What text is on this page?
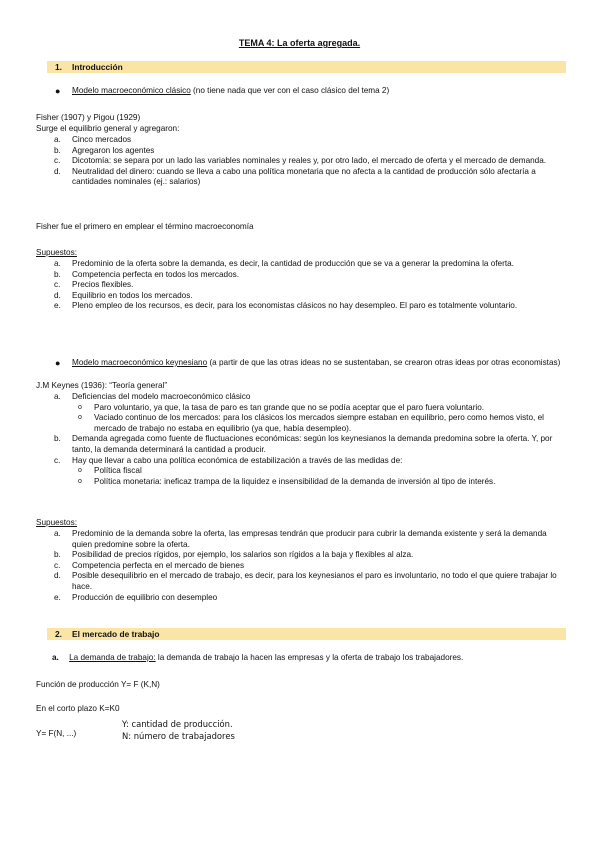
TEMA 4: La oferta agregada.
1. Introducción
● Modelo macroeconómico clásico (no tiene nada que ver con el caso clásico del tema 2)
Fisher (1907) y Pigou (1929)
Surge el equilibrio general y agregaron:
a. Cinco mercados
b. Agregaron los agentes
c. Dicotomía: se separa por un lado las variables nominales y reales y, por otro lado, el mercado de oferta y el mercado de demanda.
d. Neutralidad del dinero: cuando se lleva a cabo una política monetaria que no afecta a la cantidad de producción sólo afectaría a cantidades nominales (ej.: salarios)
Fisher fue el primero en emplear el término macroeconomía
Supuestos:
a. Predominio de la oferta sobre la demanda, es decir, la cantidad de producción que se va a generar la predomina la oferta.
b. Competencia perfecta en todos los mercados.
c. Precios flexibles.
d. Equilibrio en todos los mercados.
e. Pleno empleo de los recursos, es decir, para los economistas clásicos no hay desempleo. El paro es totalmente voluntario.
●	Modelo macroeconómico keynesiano (a partir de que las otras ideas no se sustentaban, se crearon otras ideas por otras economistas)
J.M Keynes (1936): “Teoría general”
a. Deficiencias del modelo macroeconómico clásico
o Paro voluntario, ya que, la tasa de paro es tan grande que no se podía aceptar que el paro fuera voluntario.
o Vaciado continuo de los mercados: para los clásicos los mercados siempre estaban en equilibrio, pero como hemos visto, el mercado de trabajo no estaba en equilibrio (ya que, había desempleo).
b. Demanda agregada como fuente de fluctuaciones económicas: según los keynesianos la demanda predomina sobre la oferta. Y, por tanto, la demanda determinará la cantidad a producir.
c. Hay que llevar a cabo una política económica de estabilización a través de las medidas de:
o Política fiscal
o Política monetaria: ineficaz trampa de la liquidez e insensibilidad de la demanda de inversión al tipo de interés.
Supuestos:
a. Predominio de la demanda sobre la oferta, las empresas tendrán que producir para cubrir la demanda existente y será la demanda quien predomine sobre la oferta.
b. Posibilidad de precios rígidos, por ejemplo, los salarios son rígidos a la baja y flexibles al alza.
c. Competencia perfecta en el mercado de bienes
d. Posible desequilibrio en el mercado de trabajo, es decir, para los keynesianos el paro es involuntario, no todo el que quiere trabajar lo hace.
e. Producción de equilibrio con desempleo
2. El mercado de trabajo
a. La demanda de trabajo: la demanda de trabajo la hacen las empresas y la oferta de trabajo los trabajadores.
Función de producción Y= F (K,N)
En el corto plazo K=K0
Y= F(N, ...)
Y: cantidad de producción.
N: número de trabajadores
